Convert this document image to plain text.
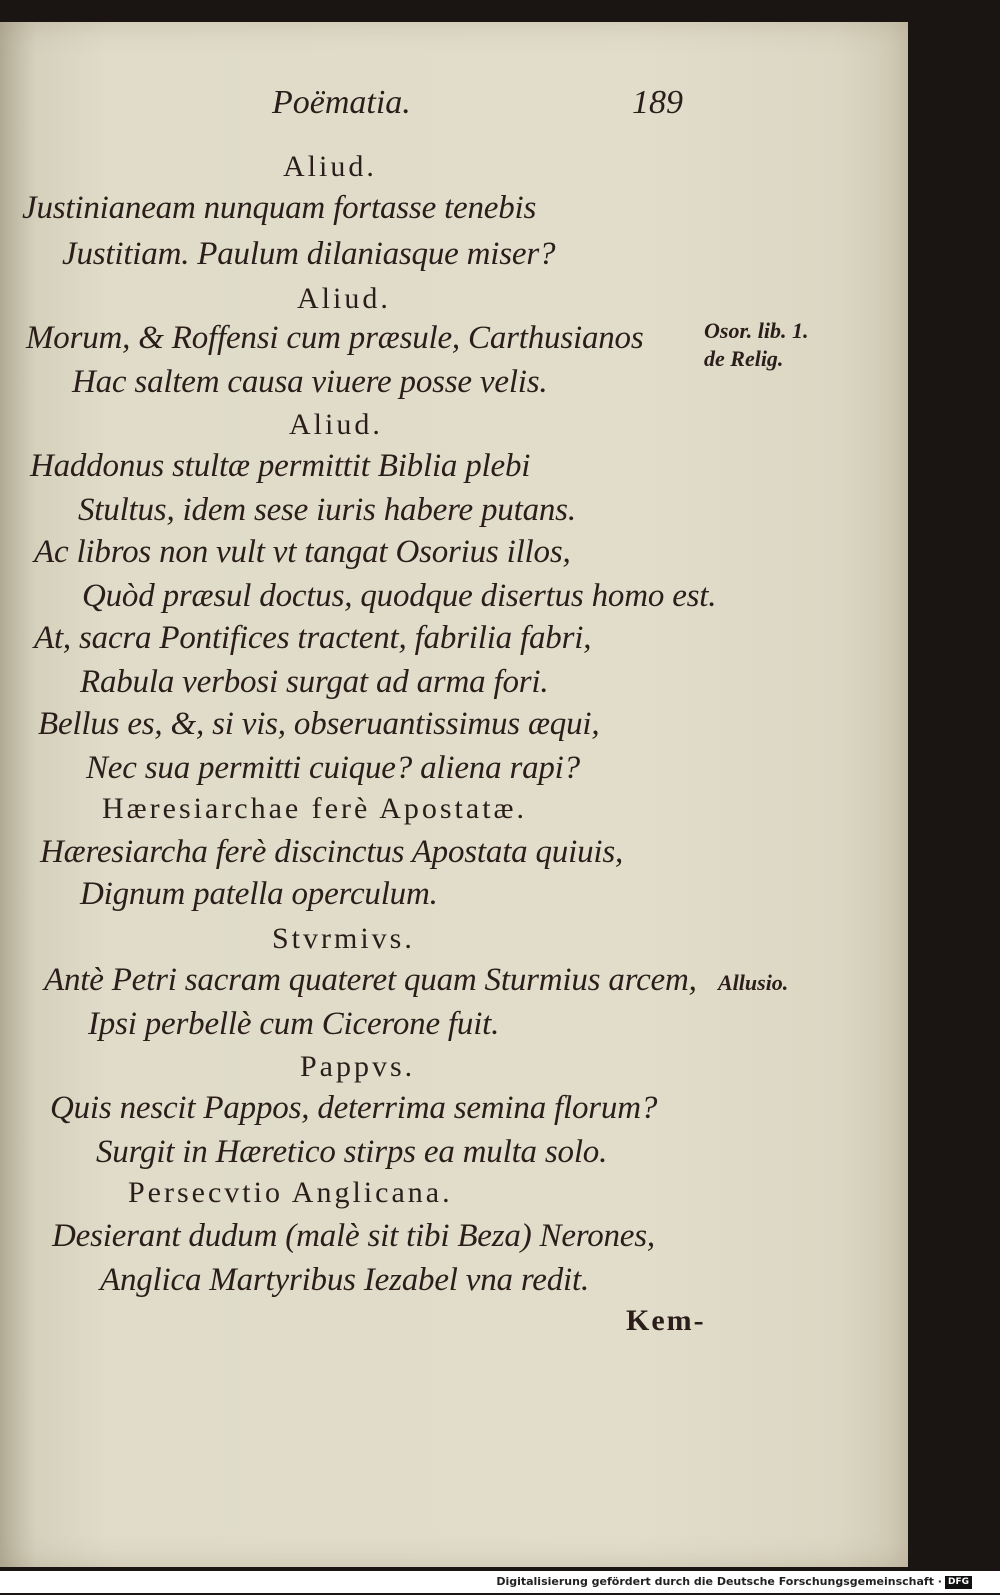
Poëmatia.	189
Aliud.
Justinianeam nunquam fortasse tenebis
Justitiam. Paulum dilaniasque miser?
Aliud.
Morum, & Roffensi cum præsule, Carthusianos
Hac saltem causa viuere posse velis.
Aliud.
Haddonus stultæ permittit Biblia plebi
Stultus, idem sese iuris habere putans.
Ac libros non vult vt tangat Osorius illos,
Quòd præsul doctus, quodque disertus homo est.
At, sacra Pontifices tractent, fabrilia fabri,
Rabula verbosi surgat ad arma fori.
Bellus es, &, si vis, obseruantissimus æqui,
Nec sua permitti cuique? aliena rapi?
Hæresiarchae ferè Apostatæ.
Hæresiarcha ferè discinctus Apostata quiuis,
Dignum patella operculum.
Stvrmivs.
Antè Petri sacram quateret quam Sturmius arcem,
Ipsi perbellè cum Cicerone fuit.
Pappvs.
Quis nescit Pappos, deterrima semina florum?
Surgit in Hæretico stirps ea multa solo.
Persecvtio Anglicana.
Desierant dudum (malè sit tibi Beza) Nerones,
Anglica Martyribus Iezabel vna redit.
Osor. lib. 1.
de Relig.
Allusio.
Kem-
Digitalisierung gefördert durch die Deutsche Forschungsgemeinschaft · DFG
